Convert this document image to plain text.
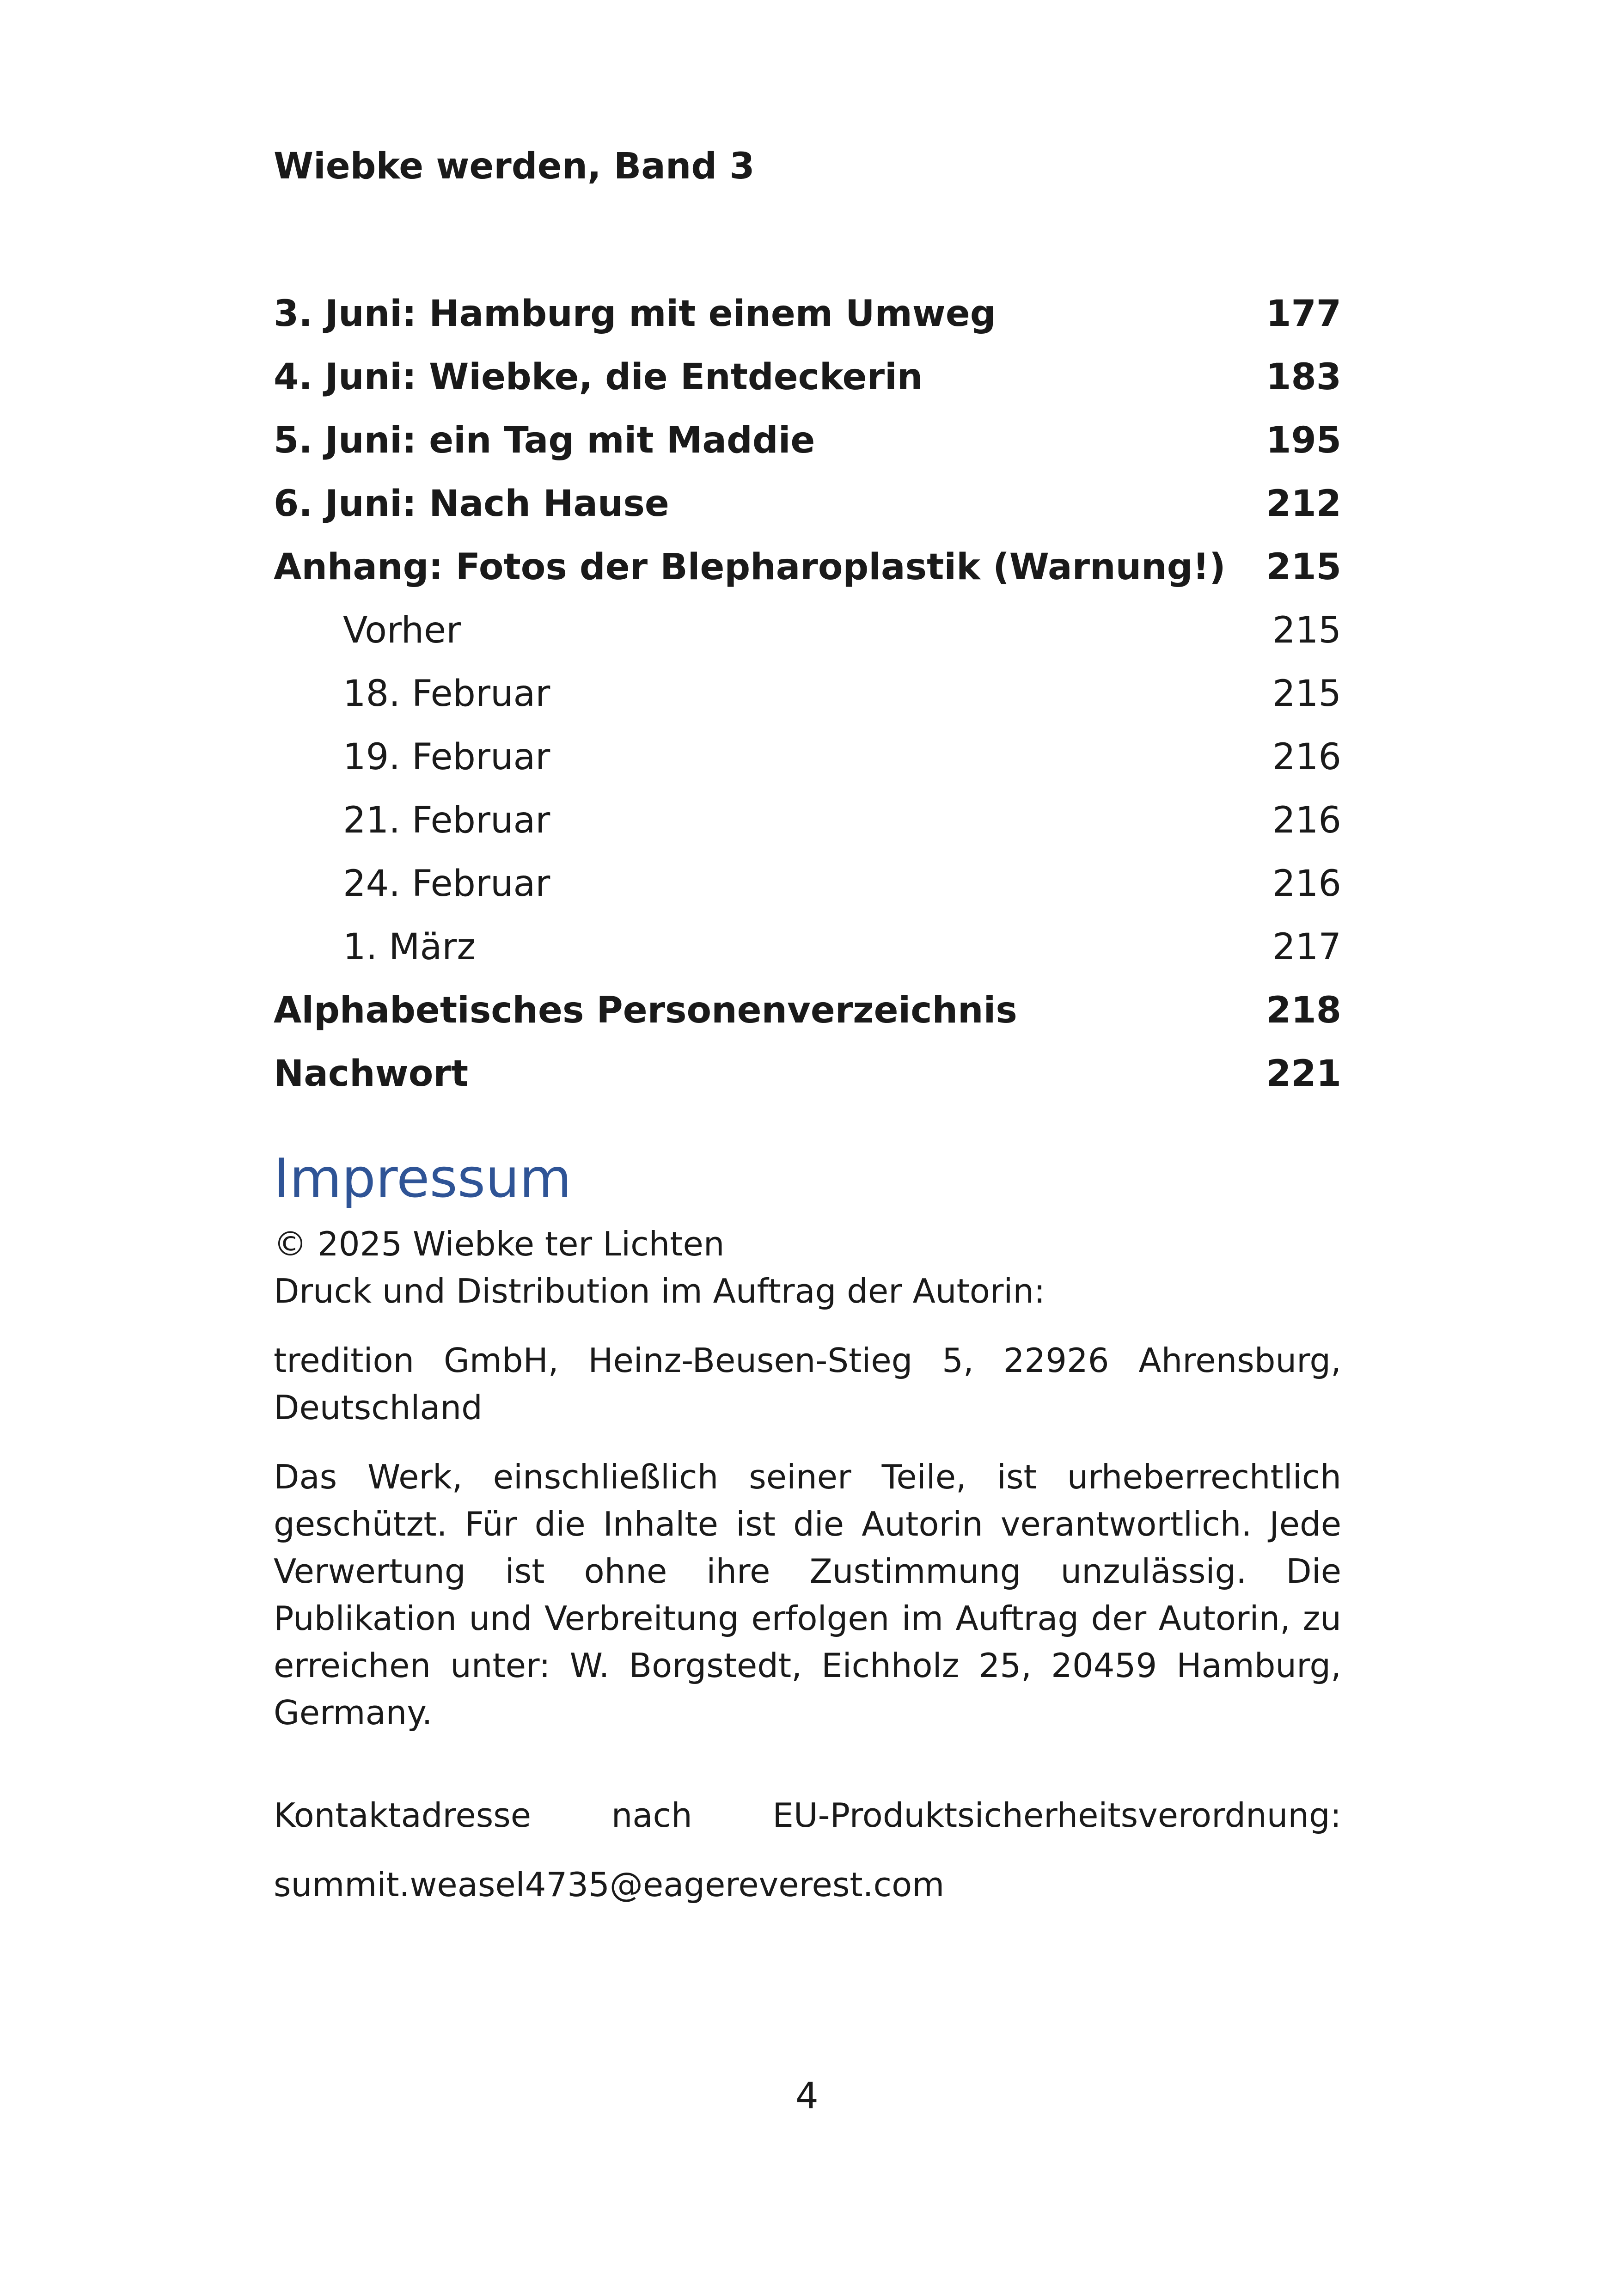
Wiebke werden, Band 3
3. Juni: Hamburg mit einem Umweg	177
4. Juni: Wiebke, die Entdeckerin	183
5. Juni: ein Tag mit Maddie	195
6. Juni: Nach Hause	212
Anhang: Fotos der Blepharoplastik (Warnung!) 215
Vorher	215
18. Februar	215
19. Februar	216
21. Februar	216
24. Februar	216
1. März	217
Alphabetisches Personenverzeichnis	218
Nachwort	221
Impressum
© 2025 Wiebke ter Lichten
Druck und Distribution im Auftrag der Autorin:
tredition GmbH, Heinz-Beusen-Stieg 5, 22926 Ahrensburg, Deutschland
Das Werk, einschließlich seiner Teile, ist urheberrechtlich geschützt. Für die Inhalte ist die Autorin verantwortlich. Jede Verwertung ist ohne ihre Zustimmung unzulässig. Die Publikation und Verbreitung erfolgen im Auftrag der Autorin, zu erreichen unter: W. Borgstedt, Eichholz 25, 20459 Hamburg, Germany.
Kontaktadresse nach EU-Produktsicherheitsverordnung:
summit.weasel4735@eagereverest.com
4
